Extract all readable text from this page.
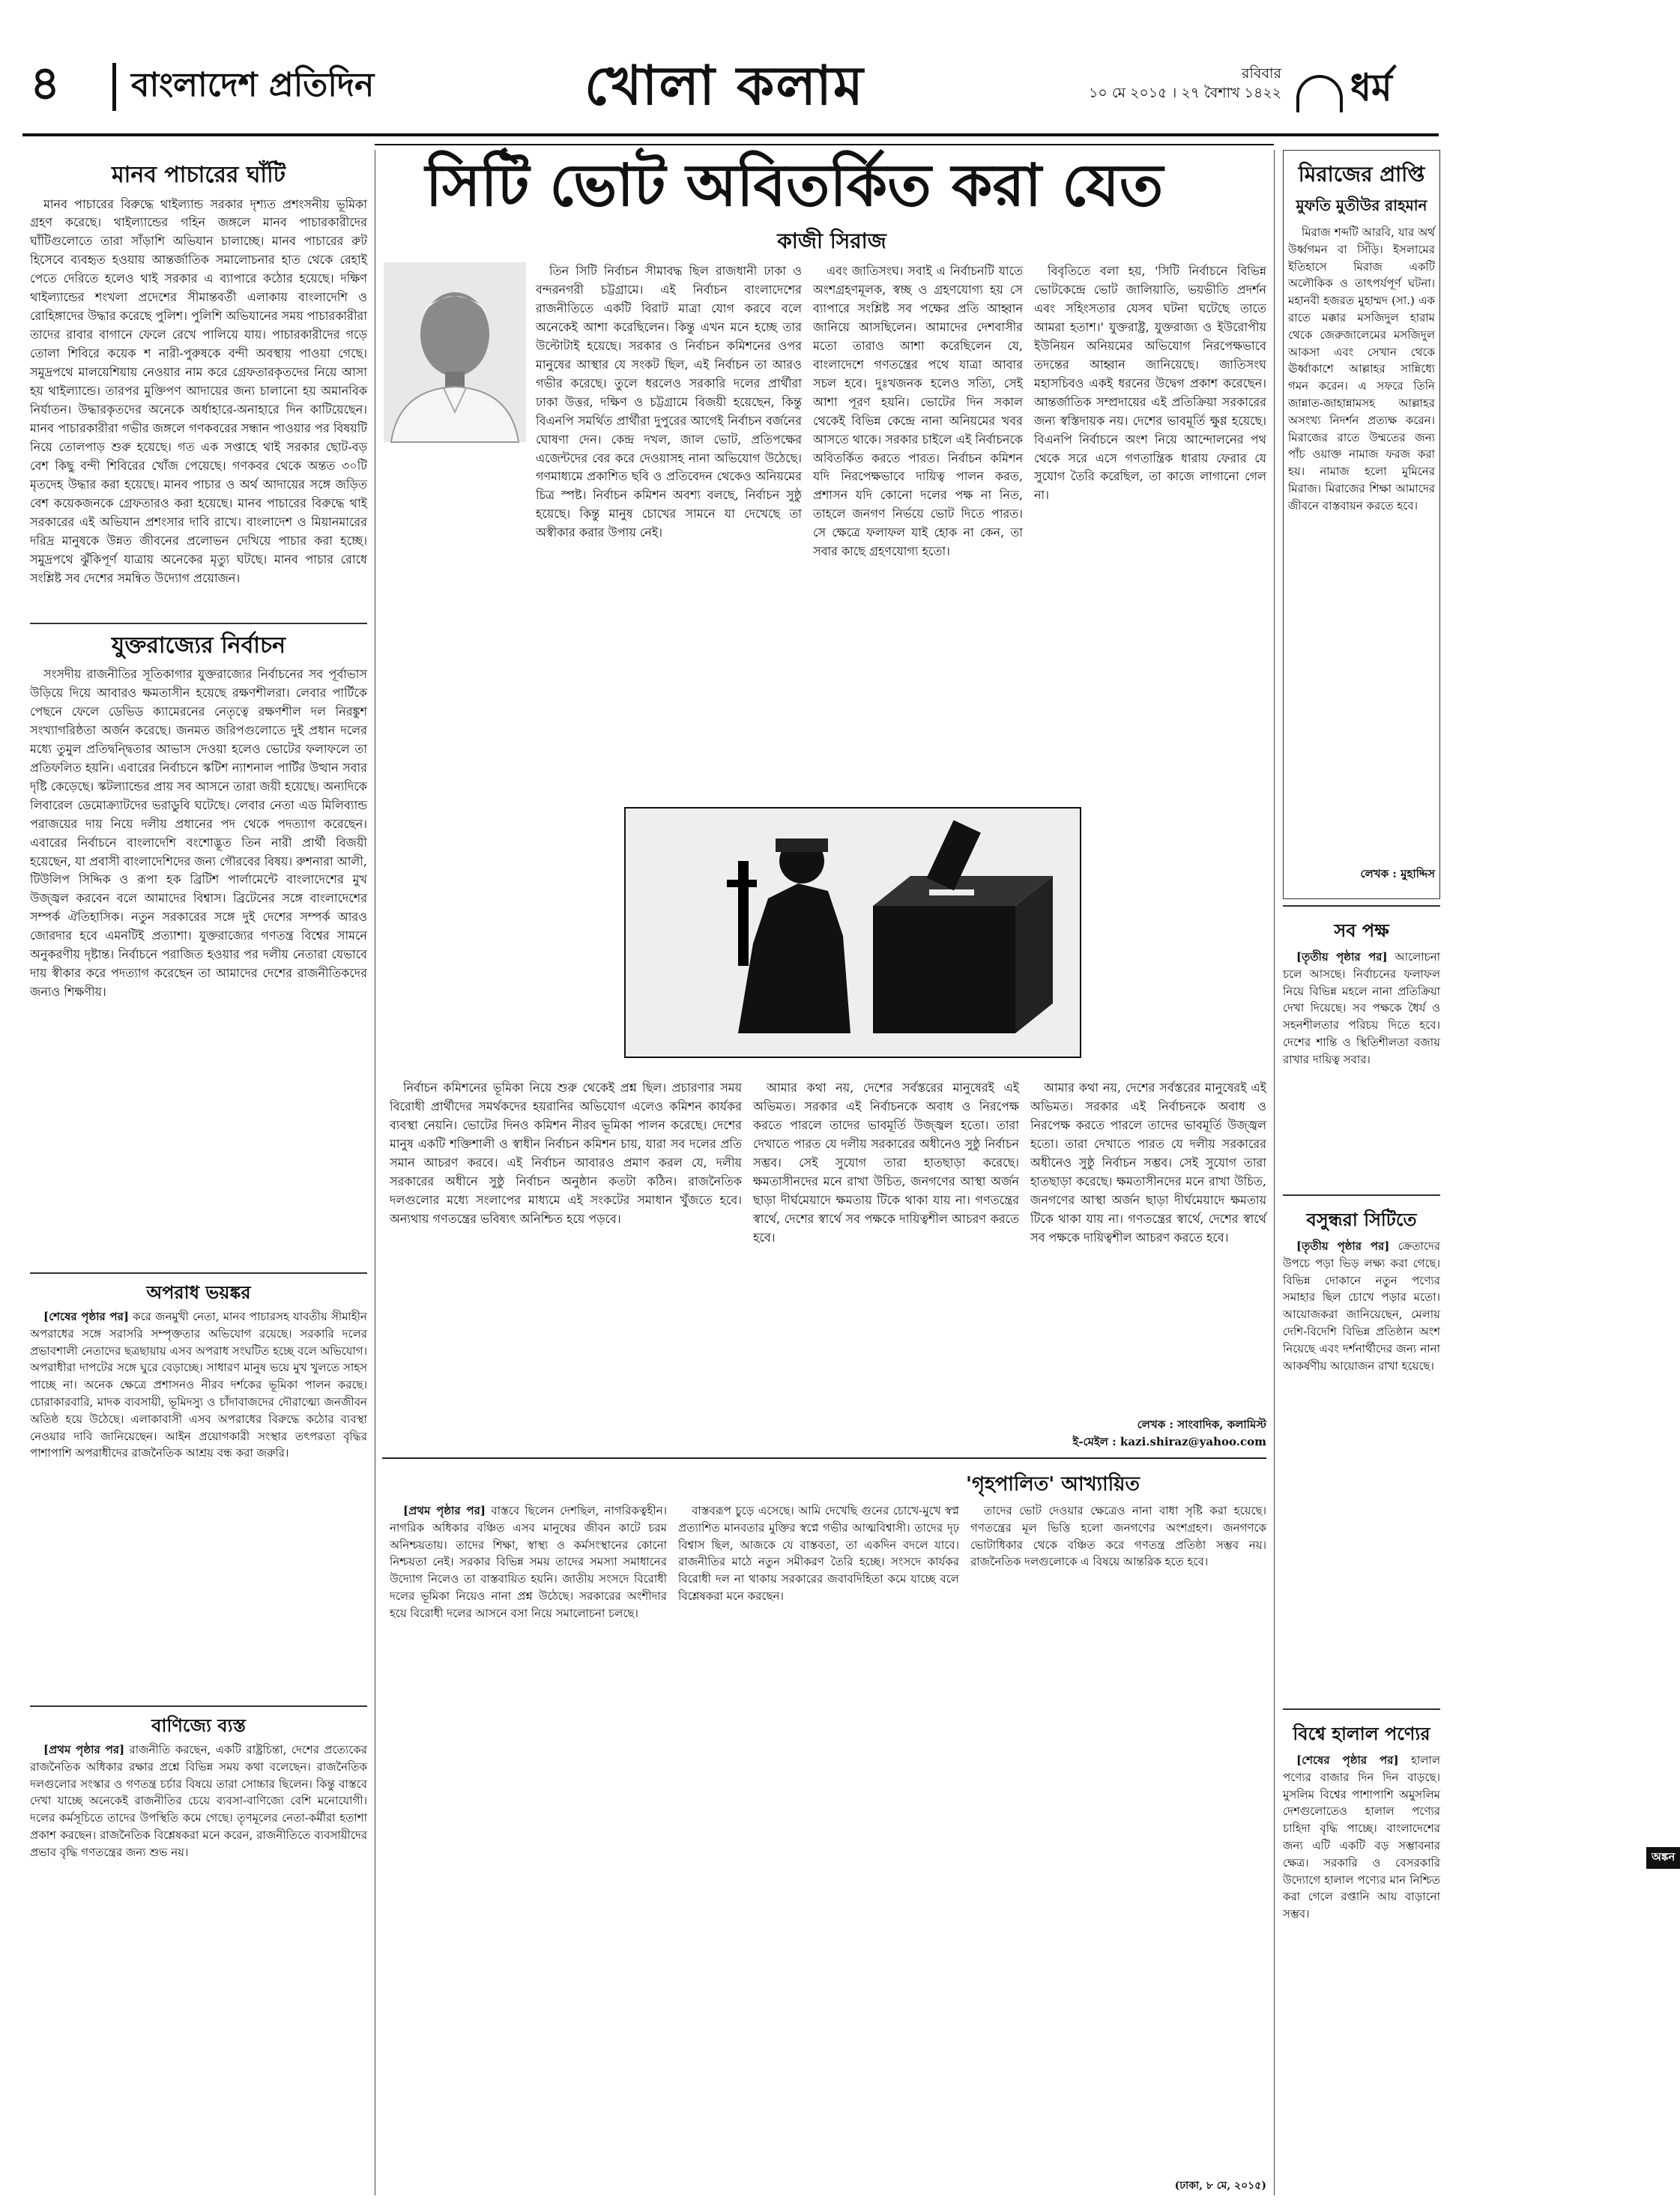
৪ বাংলাদেশ প্রতিদিন	খোলা কলাম	রবিবার
১০ মে ২০১৫ । ২৭ বৈশাখ ১৪২২ ধর্ম
মানব পাচারের ঘাঁটি

মানব পাচারের বিরুদ্ধে থাইল্যান্ড সরকার দৃশ্যত প্রশংসনীয় ভূমিকা গ্রহণ করেছে। থাইল্যান্ডের গহিন জঙ্গলে মানব পাচারকারীদের ঘাঁটিগুলোতে তারা সাঁড়াশি অভিযান চালাচ্ছে। মানব পাচারের রুট হিসেবে ব্যবহৃত হওয়ায় আন্তর্জাতিক সমালোচনার হাত থেকে রেহাই পেতে দেরিতে হলেও থাই সরকার এ ব্যাপারে কঠোর হয়েছে। দক্ষিণ থাইল্যান্ডের শংখলা প্রদেশের সীমান্তবর্তী এলাকায় বাংলাদেশি ও রোহিঙ্গাদের উদ্ধার করেছে পুলিশ। পুলিশি অভিযানের সময় পাচারকারীরা তাদের রাবার বাগানে ফেলে রেখে পালিয়ে যায়। পাচারকারীদের গড়ে তোলা শিবিরে কয়েক শ নারী-পুরুষকে বন্দী অবস্থায় পাওয়া গেছে। সমুদ্রপথে মালয়েশিয়ায় নেওয়ার নাম করে গ্রেফতারকৃতদের নিয়ে আসা হয় থাইল্যান্ডে। তারপর মুক্তিপণ আদায়ের জন্য চালানো হয় অমানবিক নির্যাতন। উদ্ধারকৃতদের অনেকে অর্ধাহারে-অনাহারে দিন কাটিয়েছেন। মানব পাচারকারীরা গভীর জঙ্গলে গণকবরের সন্ধান পাওয়ার পর বিষয়টি নিয়ে তোলপাড় শুরু হয়েছে। গত এক সপ্তাহে থাই সরকার ছোট-বড় বেশ কিছু বন্দী শিবিরের খোঁজ পেয়েছে। গণকবর থেকে অন্তত ৩০টি মৃতদেহ উদ্ধার করা হয়েছে। মানব পাচার ও অর্থ আদায়ের সঙ্গে জড়িত বেশ কয়েকজনকে গ্রেফতারও করা হয়েছে। মানব পাচারের বিরুদ্ধে থাই সরকারের এই অভিযান প্রশংসার দাবি রাখে। বাংলাদেশ ও মিয়ানমারের দরিদ্র মানুষকে উন্নত জীবনের প্রলোভন দেখিয়ে পাচার করা হচ্ছে। সমুদ্রপথে ঝুঁকিপূর্ণ যাত্রায় অনেকের মৃত্যু ঘটছে। মানব পাচার রোধে সংশ্লিষ্ট সব দেশের সমন্বিত উদ্যোগ প্রয়োজন।

যুক্তরাজ্যের নির্বাচন

সংসদীয় রাজনীতির সূতিকাগার যুক্তরাজ্যের নির্বাচনের সব পূর্বাভাস উড়িয়ে দিয়ে আবারও ক্ষমতাসীন হয়েছে রক্ষণশীলরা। লেবার পার্টিকে পেছনে ফেলে ডেভিড ক্যামেরনের নেতৃত্বে রক্ষণশীল দল নিরঙ্কুশ সংখ্যাগরিষ্ঠতা অর্জন করেছে। জনমত জরিপগুলোতে দুই প্রধান দলের মধ্যে তুমুল প্রতিদ্বন্দ্বিতার আভাস দেওয়া হলেও ভোটের ফলাফলে তা প্রতিফলিত হয়নি। এবারের নির্বাচনে স্কটিশ ন্যাশনাল পার্টির উত্থান সবার দৃষ্টি কেড়েছে। স্কটল্যান্ডের প্রায় সব আসনে তারা জয়ী হয়েছে। অন্যদিকে লিবারেল ডেমোক্র্যাটদের ভরাডুবি ঘটেছে। লেবার নেতা এড মিলিব্যান্ড পরাজয়ের দায় নিয়ে দলীয় প্রধানের পদ থেকে পদত্যাগ করেছেন। এবারের নির্বাচনে বাংলাদেশি বংশোদ্ভূত তিন নারী প্রার্থী বিজয়ী হয়েছেন, যা প্রবাসী বাংলাদেশিদের জন্য গৌরবের বিষয়। রুশনারা আলী, টিউলিপ সিদ্দিক ও রূপা হক ব্রিটিশ পার্লামেন্টে বাংলাদেশের মুখ উজ্জ্বল করবেন বলে আমাদের বিশ্বাস। ব্রিটেনের সঙ্গে বাংলাদেশের সম্পর্ক ঐতিহাসিক। নতুন সরকারের সঙ্গে দুই দেশের সম্পর্ক আরও জোরদার হবে এমনটিই প্রত্যাশা। যুক্তরাজ্যের গণতন্ত্র বিশ্বের সামনে অনুকরণীয় দৃষ্টান্ত। নির্বাচনে পরাজিত হওয়ার পর দলীয় নেতারা যেভাবে দায় স্বীকার করে পদত্যাগ করেছেন তা আমাদের দেশের রাজনীতিকদের জন্যও শিক্ষণীয়।

অপরাধ ভয়ঙ্কর

[শেষের পৃষ্ঠার পর] করে জনমুখী নেতা, মানব পাচারসহ যাবতীয় সীমাহীন অপরাধের সঙ্গে সরাসরি সম্পৃক্ততার অভিযোগ রয়েছে। সরকারি দলের প্রভাবশালী নেতাদের ছত্রছায়ায় এসব অপরাধ সংঘটিত হচ্ছে বলে অভিযোগ। অপরাধীরা দাপটের সঙ্গে ঘুরে বেড়াচ্ছে। সাধারণ মানুষ ভয়ে মুখ খুলতে সাহস পাচ্ছে না। অনেক ক্ষেত্রে প্রশাসনও নীরব দর্শকের ভূমিকা পালন করছে। চোরাকারবারি, মাদক ব্যবসায়ী, ভূমিদস্যু ও চাঁদাবাজদের দৌরাত্ম্যে জনজীবন অতিষ্ঠ হয়ে উঠেছে। এলাকাবাসী এসব অপরাধের বিরুদ্ধে কঠোর ব্যবস্থা নেওয়ার দাবি জানিয়েছেন। আইন প্রয়োগকারী সংস্থার তৎপরতা বৃদ্ধির পাশাপাশি অপরাধীদের রাজনৈতিক আশ্রয় বন্ধ করা জরুরি।

বাণিজ্যে ব্যস্ত

[প্রথম পৃষ্ঠার পর] রাজনীতি করছেন, একটি রাষ্ট্রচিন্তা, দেশের প্রত্যেকের রাজনৈতিক অধিকার রক্ষার প্রশ্নে বিভিন্ন সময় কথা বলেছেন। রাজনৈতিক দলগুলোর সংস্কার ও গণতন্ত্র চর্চার বিষয়ে তারা সোচ্চার ছিলেন। কিন্তু বাস্তবে দেখা যাচ্ছে অনেকেই রাজনীতির চেয়ে ব্যবসা-বাণিজ্যে বেশি মনোযোগী। দলের কর্মসূচিতে তাদের উপস্থিতি কমে গেছে। তৃণমূলের নেতা-কর্মীরা হতাশা প্রকাশ করছেন। রাজনৈতিক বিশ্লেষকরা মনে করেন, রাজনীতিতে ব্যবসায়ীদের প্রভাব বৃদ্ধি গণতন্ত্রের জন্য শুভ নয়।

সিটি ভোট অবিতর্কিত করা যেত
কাজী সিরাজ

তিন সিটি নির্বাচন সীমাবদ্ধ ছিল রাজধানী ঢাকা ও বন্দরনগরী চট্টগ্রামে। এই নির্বাচন বাংলাদেশের রাজনীতিতে একটি বিরাট মাত্রা যোগ করবে বলে অনেকেই আশা করেছিলেন। কিন্তু এখন মনে হচ্ছে তার উল্টোটাই হয়েছে। সরকার ও নির্বাচন কমিশনের ওপর মানুষের আস্থার যে সংকট ছিল, এই নির্বাচন তা আরও গভীর করেছে। তুলে ধরলেও সরকারি দলের প্রার্থীরা ঢাকা উত্তর, দক্ষিণ ও চট্টগ্রামে বিজয়ী হয়েছেন, কিন্তু বিএনপি সমর্থিত প্রার্থীরা দুপুরের আগেই নির্বাচন বর্জনের ঘোষণা দেন। কেন্দ্র দখল, জাল ভোট, প্রতিপক্ষের এজেন্টদের বের করে দেওয়াসহ নানা অভিযোগ উঠেছে। গণমাধ্যমে প্রকাশিত ছবি ও প্রতিবেদন থেকেও অনিয়মের চিত্র স্পষ্ট। নির্বাচন কমিশন অবশ্য বলছে, নির্বাচন সুষ্ঠু হয়েছে। কিন্তু মানুষ চোখের সামনে যা দেখেছে তা অস্বীকার করার উপায় নেই।

এবং জাতিসংঘ। সবাই এ নির্বাচনটি যাতে অংশগ্রহণমূলক, স্বচ্ছ ও গ্রহণযোগ্য হয় সে ব্যাপারে সংশ্লিষ্ট সব পক্ষের প্রতি আহ্বান জানিয়ে আসছিলেন। আমাদের দেশবাসীর মতো তারাও আশা করেছিলেন যে, বাংলাদেশে গণতন্ত্রের পথে যাত্রা আবার সচল হবে। দুঃখজনক হলেও সত্যি, সেই আশা পূরণ হয়নি। ভোটের দিন সকাল থেকেই বিভিন্ন কেন্দ্রে নানা অনিয়মের খবর আসতে থাকে। সরকার চাইলে এই নির্বাচনকে অবিতর্কিত করতে পারত। নির্বাচন কমিশন যদি নিরপেক্ষভাবে দায়িত্ব পালন করত, প্রশাসন যদি কোনো দলের পক্ষ না নিত, তাহলে জনগণ নির্ভয়ে ভোট দিতে পারত। সে ক্ষেত্রে ফলাফল যাই হোক না কেন, তা সবার কাছে গ্রহণযোগ্য হতো।

বিবৃতিতে বলা হয়, 'সিটি নির্বাচনে বিভিন্ন ভোটকেন্দ্রে ভোট জালিয়াতি, ভয়ভীতি প্রদর্শন এবং সহিংসতার যেসব ঘটনা ঘটেছে তাতে আমরা হতাশ।' যুক্তরাষ্ট্র, যুক্তরাজ্য ও ইউরোপীয় ইউনিয়ন অনিয়মের অভিযোগ নিরপেক্ষভাবে তদন্তের আহ্বান জানিয়েছে। জাতিসংঘ মহাসচিবও একই ধরনের উদ্বেগ প্রকাশ করেছেন। আন্তর্জাতিক সম্প্রদায়ের এই প্রতিক্রিয়া সরকারের জন্য স্বস্তিদায়ক নয়। দেশের ভাবমূর্তি ক্ষুণ্ণ হয়েছে। বিএনপি নির্বাচনে অংশ নিয়ে আন্দোলনের পথ থেকে সরে এসে গণতান্ত্রিক ধারায় ফেরার যে সুযোগ তৈরি করেছিল, তা কাজে লাগানো গেল না।

অঙ্কন

নির্বাচন কমিশনের ভূমিকা নিয়ে শুরু থেকেই প্রশ্ন ছিল। প্রচারণার সময় বিরোধী প্রার্থীদের সমর্থকদের হয়রানির অভিযোগ এলেও কমিশন কার্যকর ব্যবস্থা নেয়নি। ভোটের দিনও কমিশন নীরব ভূমিকা পালন করেছে। দেশের মানুষ একটি শক্তিশালী ও স্বাধীন নির্বাচন কমিশন চায়, যারা সব দলের প্রতি সমান আচরণ করবে। এই নির্বাচন আবারও প্রমাণ করল যে, দলীয় সরকারের অধীনে সুষ্ঠু নির্বাচন অনুষ্ঠান কতটা কঠিন। রাজনৈতিক দলগুলোর মধ্যে সংলাপের মাধ্যমে এই সংকটের সমাধান খুঁজতে হবে। অন্যথায় গণতন্ত্রের ভবিষ্যৎ অনিশ্চিত হয়ে পড়বে।

আমার কথা নয়, দেশের সর্বস্তরের মানুষেরই এই অভিমত। সরকার এই নির্বাচনকে অবাধ ও নিরপেক্ষ করতে পারলে তাদের ভাবমূর্তি উজ্জ্বল হতো। তারা দেখাতে পারত যে দলীয় সরকারের অধীনেও সুষ্ঠু নির্বাচন সম্ভব। সেই সুযোগ তারা হাতছাড়া করেছে। ক্ষমতাসীনদের মনে রাখা উচিত, জনগণের আস্থা অর্জন ছাড়া দীর্ঘমেয়াদে ক্ষমতায় টিকে থাকা যায় না। গণতন্ত্রের স্বার্থে, দেশের স্বার্থে সব পক্ষকে দায়িত্বশীল আচরণ করতে হবে।

আমার কথা নয়, দেশের সর্বস্তরের মানুষেরই এই অভিমত। সরকার এই নির্বাচনকে অবাধ ও নিরপেক্ষ করতে পারলে তাদের ভাবমূর্তি উজ্জ্বল হতো। তারা দেখাতে পারত যে দলীয় সরকারের অধীনেও সুষ্ঠু নির্বাচন সম্ভব। সেই সুযোগ তারা হাতছাড়া করেছে। ক্ষমতাসীনদের মনে রাখা উচিত, জনগণের আস্থা অর্জন ছাড়া দীর্ঘমেয়াদে ক্ষমতায় টিকে থাকা যায় না। গণতন্ত্রের স্বার্থে, দেশের স্বার্থে সব পক্ষকে দায়িত্বশীল আচরণ করতে হবে।

লেখক : সাংবাদিক, কলামিস্ট
ই-মেইল : kazi.shiraz@yahoo.com
'গৃহপালিত' আখ্যায়িত

[প্রথম পৃষ্ঠার পর] বাস্তবে ছিলেন দেশছিল, নাগরিকত্বহীন। নাগরিক অধিকার বঞ্চিত এসব মানুষের জীবন কাটে চরম অনিশ্চয়তায়। তাদের শিক্ষা, স্বাস্থ্য ও কর্মসংস্থানের কোনো নিশ্চয়তা নেই। সরকার বিভিন্ন সময় তাদের সমস্যা সমাধানের উদ্যোগ নিলেও তা বাস্তবায়িত হয়নি। জাতীয় সংসদে বিরোধী দলের ভূমিকা নিয়েও নানা প্রশ্ন উঠেছে। সরকারের অংশীদার হয়ে বিরোধী দলের আসনে বসা নিয়ে সমালোচনা চলছে।

বাস্তবরূপ চুড়ে এসেছে। আমি দেখেছি গুনের চোখে-মুখে স্বপ্ন প্রত্যাশিত মানবতার মুক্তির স্বপ্নে গভীর আত্মবিশ্বাসী। তাদের দৃঢ় বিশ্বাস ছিল, আজকে যে বাস্তবতা, তা একদিন বদলে যাবে। রাজনীতির মাঠে নতুন সমীকরণ তৈরি হচ্ছে। সংসদে কার্যকর বিরোধী দল না থাকায় সরকারের জবাবদিহিতা কমে যাচ্ছে বলে বিশ্লেষকরা মনে করছেন।

তাদের ভোট দেওয়ার ক্ষেত্রেও নানা বাধা সৃষ্টি করা হয়েছে। গণতন্ত্রের মূল ভিত্তি হলো জনগণের অংশগ্রহণ। জনগণকে ভোটাধিকার থেকে বঞ্চিত করে গণতন্ত্র প্রতিষ্ঠা সম্ভব নয়। রাজনৈতিক দলগুলোকে এ বিষয়ে আন্তরিক হতে হবে।

(ঢাকা, ৮ মে, ২০১৫)
মিরাজের প্রাপ্তি
মুফতি মুতীউর রাহমান

মিরাজ শব্দটি আরবি, যার অর্থ উর্ধ্বগমন বা সিঁড়ি। ইসলামের ইতিহাসে মিরাজ একটি অলৌকিক ও তাৎপর্যপূর্ণ ঘটনা। মহানবী হজরত মুহাম্মদ (সা.) এক রাতে মক্কার মসজিদুল হারাম থেকে জেরুজালেমের মসজিদুল আকসা এবং সেখান থেকে ঊর্ধ্বাকাশে আল্লাহর সান্নিধ্যে গমন করেন। এ সফরে তিনি জান্নাত-জাহান্নামসহ আল্লাহর অসংখ্য নিদর্শন প্রত্যক্ষ করেন। মিরাজের রাতে উম্মতের জন্য পাঁচ ওয়াক্ত নামাজ ফরজ করা হয়। নামাজ হলো মুমিনের মিরাজ। মিরাজের শিক্ষা আমাদের জীবনে বাস্তবায়ন করতে হবে।

লেখক : মুহাদ্দিস
সব পক্ষ

[তৃতীয় পৃষ্ঠার পর] আলোচনা চলে আসছে। নির্বাচনের ফলাফল নিয়ে বিভিন্ন মহলে নানা প্রতিক্রিয়া দেখা দিয়েছে। সব পক্ষকে ধৈর্য ও সহনশীলতার পরিচয় দিতে হবে। দেশের শান্তি ও স্থিতিশীলতা বজায় রাখার দায়িত্ব সবার।

বসুন্ধরা সিটিতে

[তৃতীয় পৃষ্ঠার পর] ক্রেতাদের উপচে পড়া ভিড় লক্ষ্য করা গেছে। বিভিন্ন দোকানে নতুন পণ্যের সমাহার ছিল চোখে পড়ার মতো। আয়োজকরা জানিয়েছেন, মেলায় দেশি-বিদেশি বিভিন্ন প্রতিষ্ঠান অংশ নিয়েছে এবং দর্শনার্থীদের জন্য নানা আকর্ষণীয় আয়োজন রাখা হয়েছে।

বিশ্বে হালাল পণ্যের

[শেষের পৃষ্ঠার পর] হালাল পণ্যের বাজার দিন দিন বাড়ছে। মুসলিম বিশ্বের পাশাপাশি অমুসলিম দেশগুলোতেও হালাল পণ্যের চাহিদা বৃদ্ধি পাচ্ছে। বাংলাদেশের জন্য এটি একটি বড় সম্ভাবনার ক্ষেত্র। সরকারি ও বেসরকারি উদ্যোগে হালাল পণ্যের মান নিশ্চিত করা গেলে রপ্তানি আয় বাড়ানো সম্ভব।
